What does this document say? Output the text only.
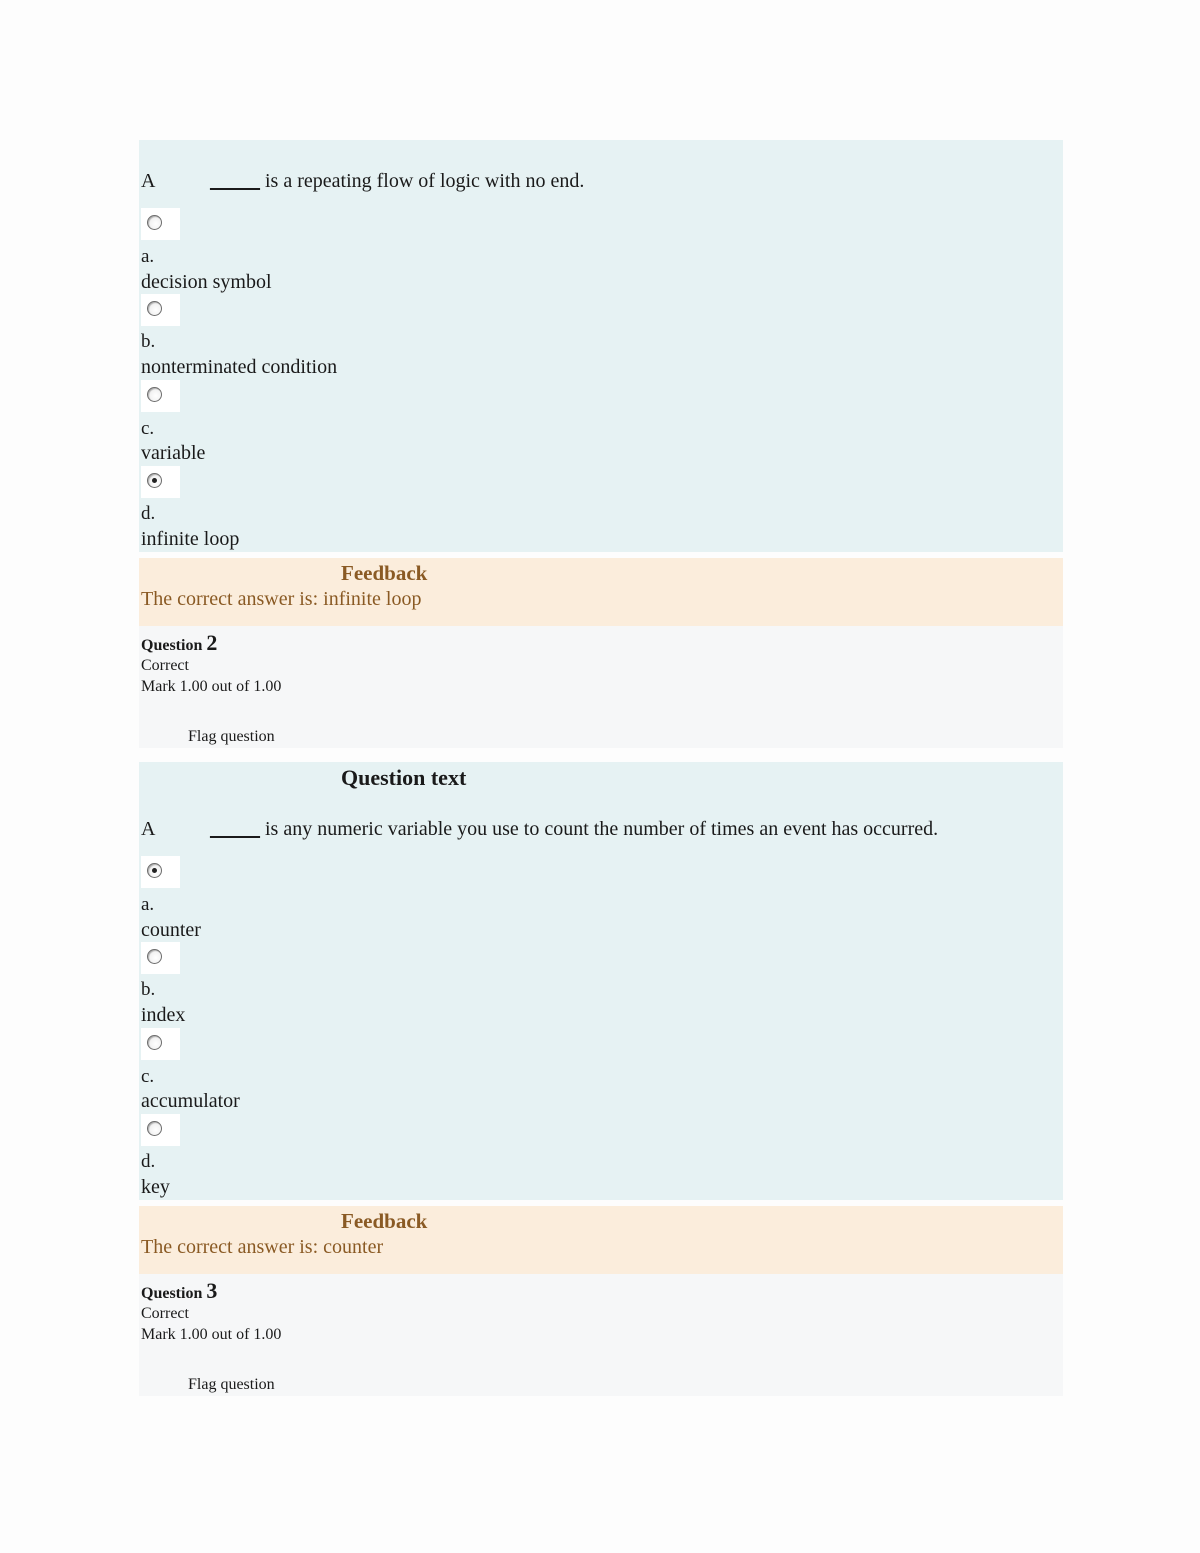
A	_____ is a repeating flow of logic with no end.
a.
decision symbol
b.
nonterminated condition
c.
variable
d.
infinite loop
Feedback
The correct answer is: infinite loop
Question 2
Correct
Mark 1.00 out of 1.00
Flag question
Question text
A	_____ is any numeric variable you use to count the number of times an event has occurred.
a.
counter
b.
index
c.
accumulator
d.
key
Feedback
The correct answer is: counter
Question 3
Correct
Mark 1.00 out of 1.00
Flag question
